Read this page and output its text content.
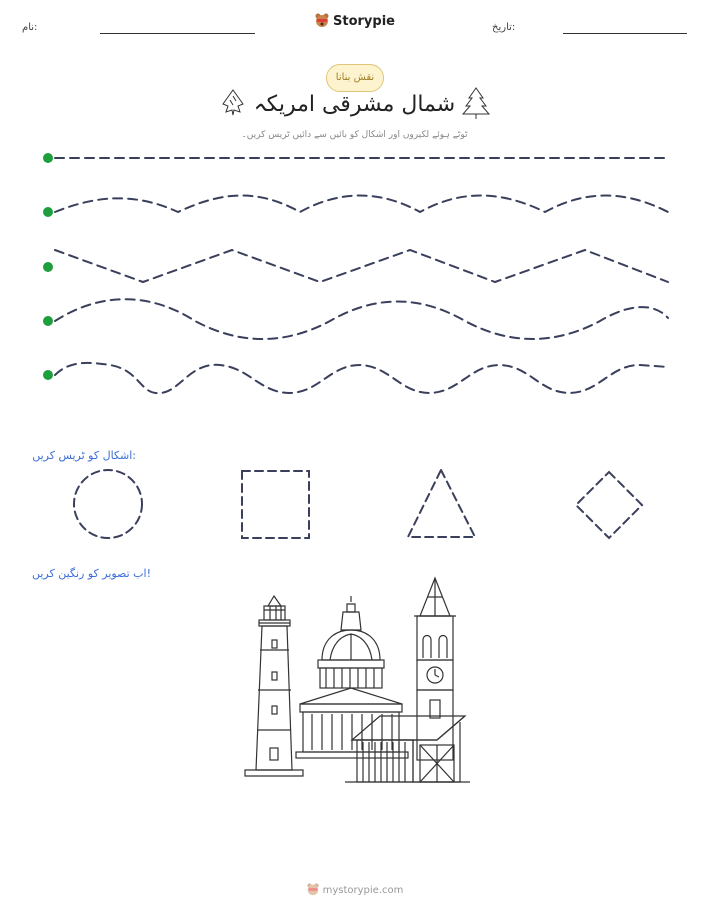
نام:	Storypie	تاریخ:
نقش بنانا
شمال مشرقی امریکہ
ٹوٹے ہوئے لکیروں اور اشکال کو بائیں سے دائیں ٹریس کریں۔
اشکال کو ٹریس کریں:
اب تصویر کو رنگین کریں!
mystorypie.com
